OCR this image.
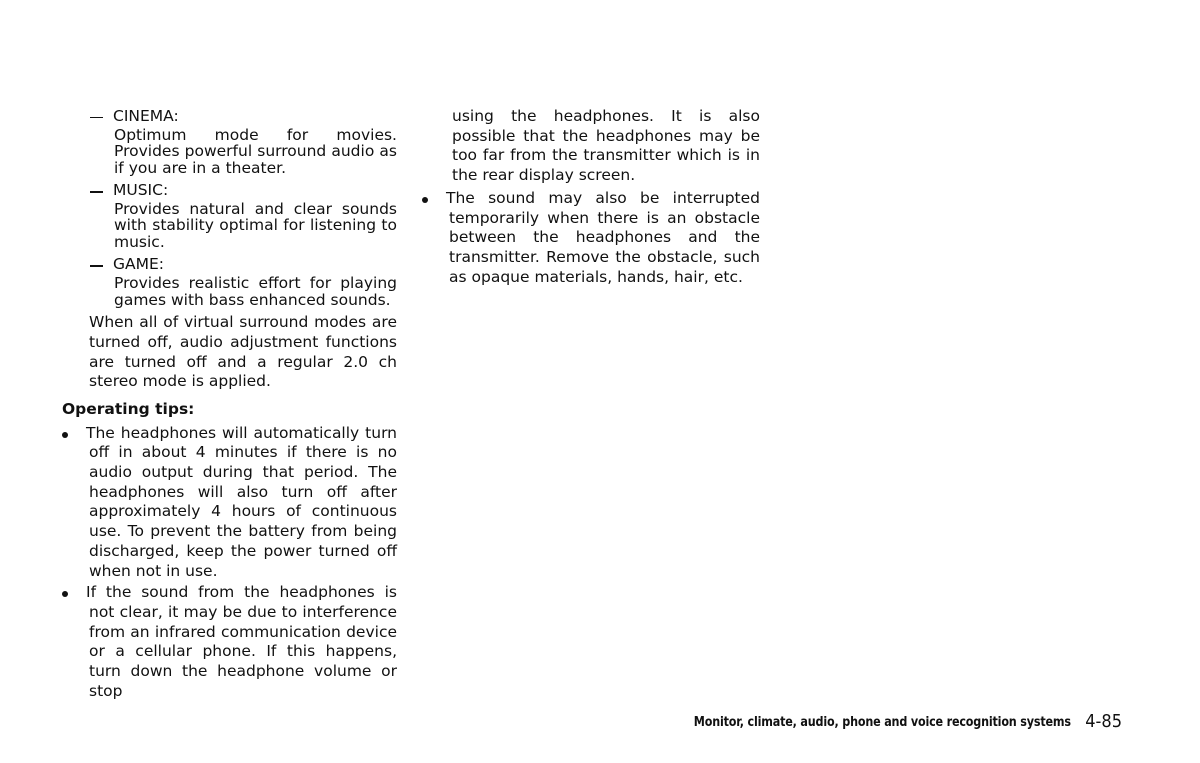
CINEMA:
Optimum mode for movies. Provides powerful surround audio as if you are in a theater.
MUSIC:
Provides natural and clear sounds with stability optimal for listening to music.
GAME:
Provides realistic effort for playing games with bass enhanced sounds.
When all of virtual surround modes are turned off, audio adjustment functions are turned off and a regular 2.0 ch stereo mode is applied.
Operating tips:
The headphones will automatically turn off in about 4 minutes if there is no audio output during that period. The headphones will also turn off after approximately 4 hours of continuous use. To prevent the battery from being discharged, keep the power turned off when not in use.
If the sound from the headphones is not clear, it may be due to interference from an infrared communication device or a cellular phone. If this happens, turn down the headphone volume or stop
using the headphones. It is also possible that the headphones may be too far from the transmitter which is in the rear display screen.
The sound may also be interrupted temporarily when there is an obstacle between the headphones and the transmitter. Remove the obstacle, such as opaque materials, hands, hair, etc.
Monitor, climate, audio, phone and voice recognition systems 4-85
